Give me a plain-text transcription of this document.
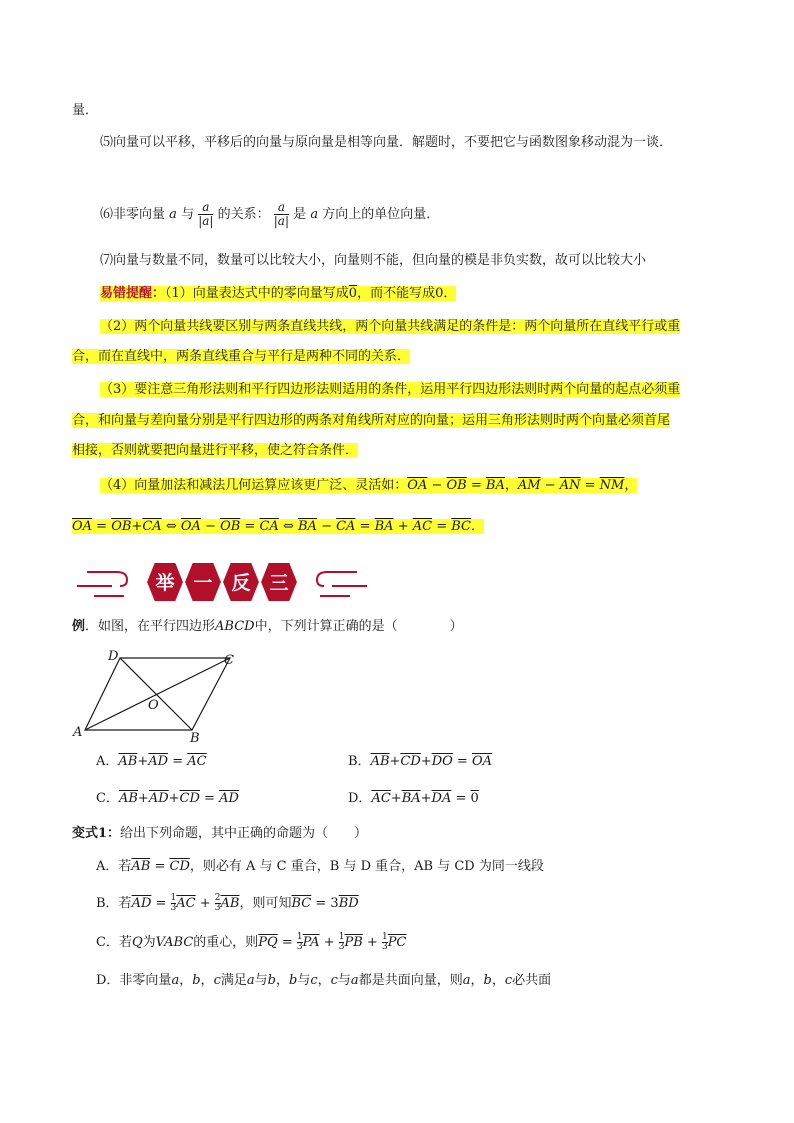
量．
⑸向量可以平移，平移后的向量与原向量是相等向量．解题时，不要把它与函数图象移动混为一谈．
⑹非零向量 a 与 $\frac{a}{|a|}$ 的关系： $\frac{a}{|a|}$ 是 a 方向上的单位向量．
⑺向量与数量不同，数量可以比较大小，向量则不能，但向量的模是非负实数，故可以比较大小
易错提醒：（1）向量表达式中的零向量写成0，而不能写成0．
（2）两个向量共线要区别与两条直线共线，两个向量共线满足的条件是：两个向量所在直线平行或重
合，而在直线中，两条直线重合与平行是两种不同的关系．
（3）要注意三角形法则和平行四边形法则适用的条件，运用平行四边形法则时两个向量的起点必须重
合，和向量与差向量分别是平行四边形的两条对角线所对应的向量；运用三角形法则时两个向量必须首尾
相接，否则就要把向量进行平移，使之符合条件．
（4）向量加法和减法几何运算应该更广泛、灵活如：$\overline{OA} - \overline{OB} = \overline{BA}$，$\overline{AM} - \overline{AN} = \overline{NM}$，
$\overline{OA} = \overline{OB}+\overline{CA}$ ⇔ $\overline{OA} - \overline{OB} = \overline{CA}$ ⇔ $\overline{BA} - \overline{CA} = \overline{BA} + \overline{AC} = \overline{BC}$．
举 一 反 三
例．如图，在平行四边形ABCD中，下列计算正确的是（　　　　）
D	C
O
A	B
A．$\overline{AB}+\overline{AD} = \overline{AC}$	B．$\overline{AB}+\overline{CD}+\overline{DO} = \overline{OA}$
C．$\overline{AB}+\overline{AD}+\overline{CD} = \overline{AD}$	D．$\overline{AC}+\overline{BA}+\overline{DA} = 0$
变式1：给出下列命题，其中正确的命题为（　　）
A．若$\overline{AB} = \overline{CD}$，则必有 A 与 C 重合，B 与 D 重合，AB 与 CD 为同一线段
B．若$\overline{AD} = \frac{1}{3} \overline{AC} + \frac{2}{3} \overline{AB}$，则可知$\overline{BC} = 3\overline{BD}$
C．若Q为VABC的重心，则$\overline{PQ} = \frac{1}{3} \overline{PA} + \frac{1}{3} \overline{PB} + \frac{1}{3} \overline{PC}$
D．非零向量a，b，c满足a与b，b与c，c与a都是共面向量，则a，b，c必共面
